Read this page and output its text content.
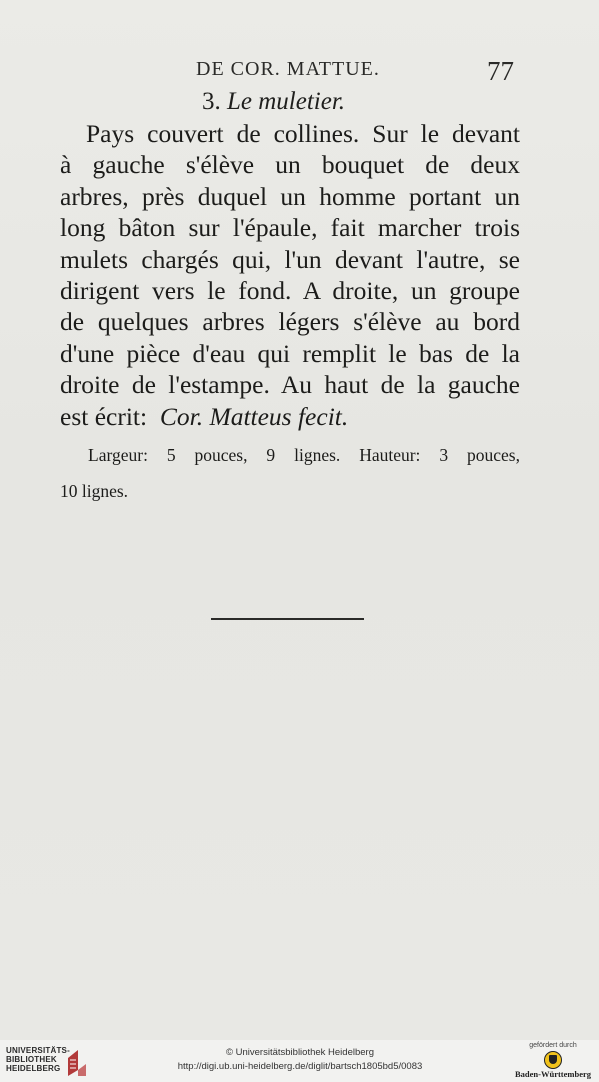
DE COR. MATTUE.	77
3. Le muletier.
Pays couvert de collines. Sur le devant
à gauche s'élève un bouquet de deux
arbres, près duquel un homme portant un
long bâton sur l'épaule, fait marcher trois
mulets chargés qui, l'un devant l'autre, se
dirigent vers le fond. A droite, un groupe
de quelques arbres légers s'élève au bord
d'une pièce d'eau qui remplit le bas de la
droite de l'estampe. Au haut de la gauche
est écrit: Cor. Matteus fecit.
Largeur: 5 pouces, 9 lignes. Hauteur: 3 pouces,
10 lignes.
UNIVERSITÄTS-
BIBLIOTHEK
HEIDELBERG
© Universitätsbibliothek Heidelberg
http://digi.ub.uni-heidelberg.de/diglit/bartsch1805bd5/0083
gefördert durch
Baden-Württemberg
